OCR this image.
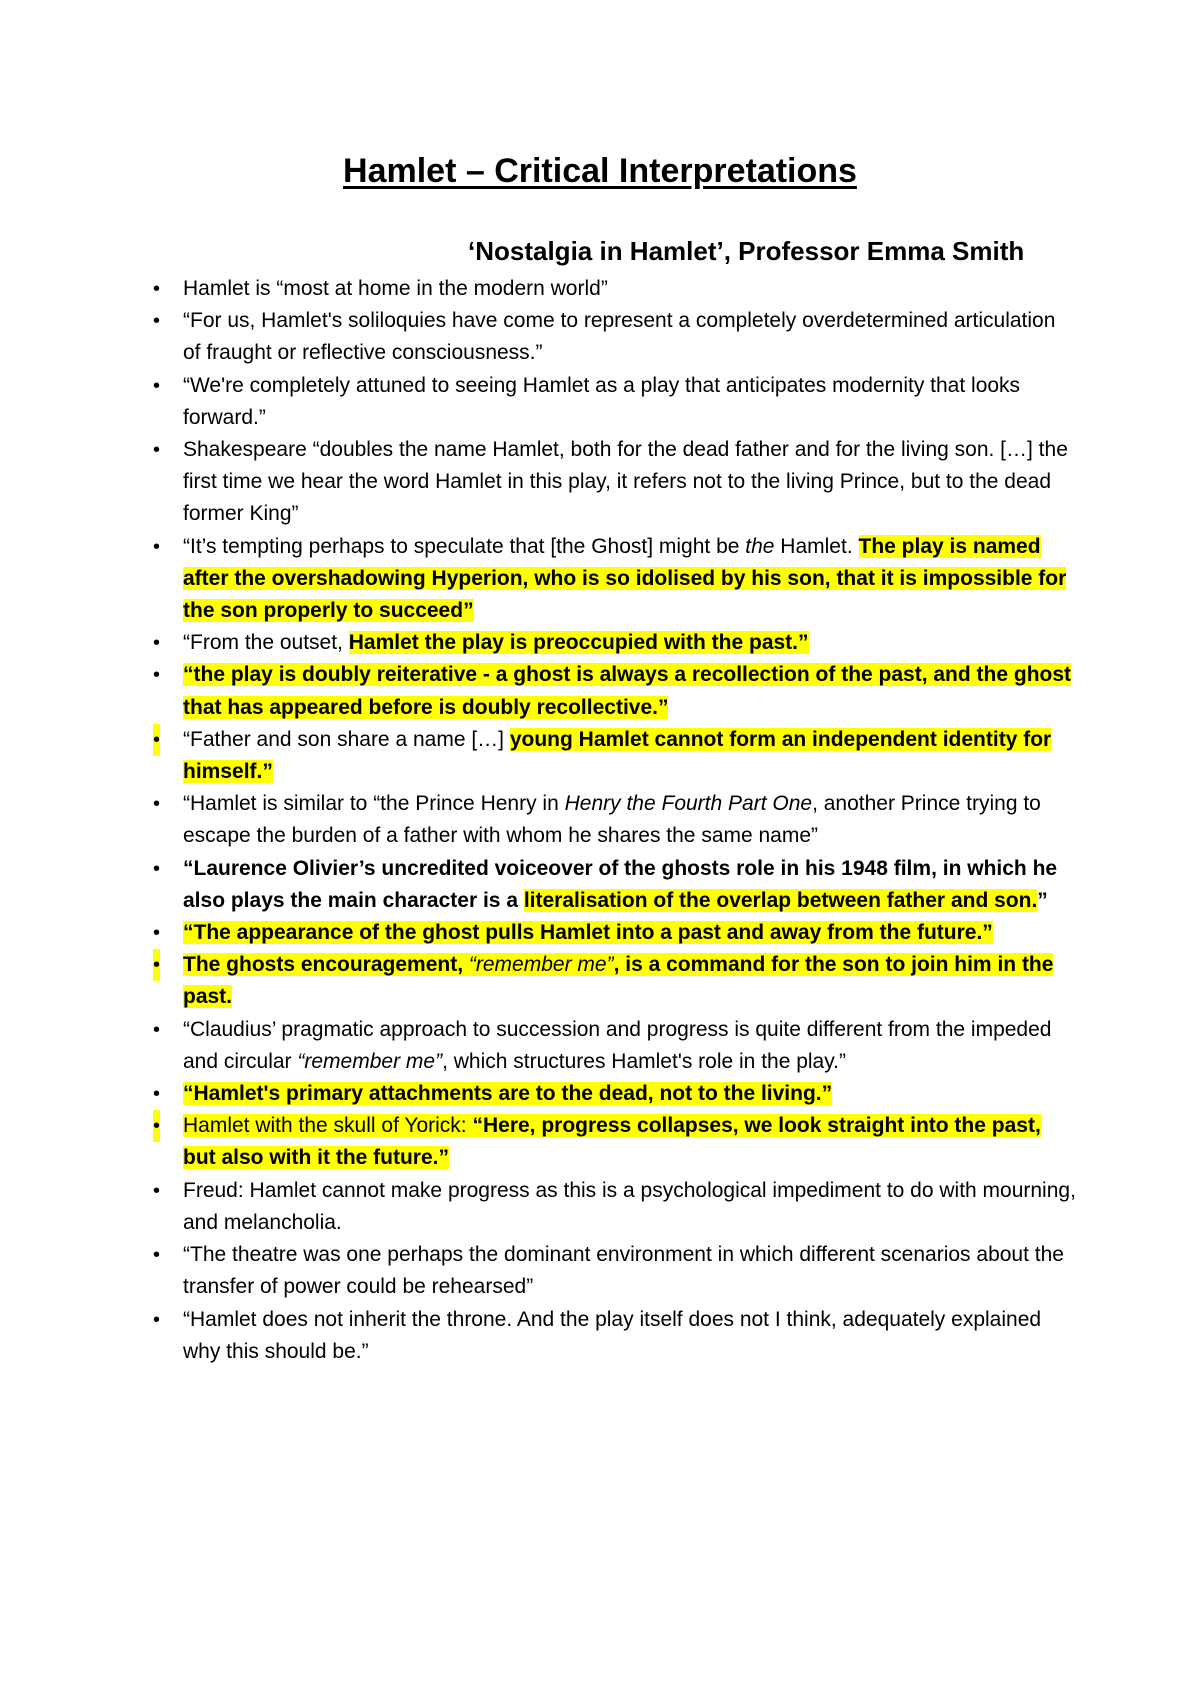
Hamlet – Critical Interpretations
‘Nostalgia in Hamlet’, Professor Emma Smith
• Hamlet is “most at home in the modern world”
• “For us, Hamlet's soliloquies have come to represent a completely overdetermined articulation of fraught or reflective consciousness.”
• “We're completely attuned to seeing Hamlet as a play that anticipates modernity that looks forward.”
• Shakespeare “doubles the name Hamlet, both for the dead father and for the living son. […] the first time we hear the word Hamlet in this play, it refers not to the living Prince, but to the dead former King”
• “It’s tempting perhaps to speculate that [the Ghost] might be the Hamlet. The play is named after the overshadowing Hyperion, who is so idolised by his son, that it is impossible for the son properly to succeed”
• “From the outset, Hamlet the play is preoccupied with the past.”
• “the play is doubly reiterative - a ghost is always a recollection of the past, and the ghost that has appeared before is doubly recollective.”
• “Father and son share a name […] young Hamlet cannot form an independent identity for himself.”
• “Hamlet is similar to “the Prince Henry in Henry the Fourth Part One, another Prince trying to escape the burden of a father with whom he shares the same name”
• “Laurence Olivier’s uncredited voiceover of the ghosts role in his 1948 film, in which he also plays the main character is a literalisation of the overlap between father and son.”
• “The appearance of the ghost pulls Hamlet into a past and away from the future.”
• The ghosts encouragement, “remember me”, is a command for the son to join him in the past.
• “Claudius’ pragmatic approach to succession and progress is quite different from the impeded and circular “remember me”, which structures Hamlet's role in the play.”
• “Hamlet's primary attachments are to the dead, not to the living.”
• Hamlet with the skull of Yorick: “Here, progress collapses, we look straight into the past, but also with it the future.”
• Freud: Hamlet cannot make progress as this is a psychological impediment to do with mourning, and melancholia.
• “The theatre was one perhaps the dominant environment in which different scenarios about the transfer of power could be rehearsed”
• “Hamlet does not inherit the throne. And the play itself does not I think, adequately explained why this should be.”
